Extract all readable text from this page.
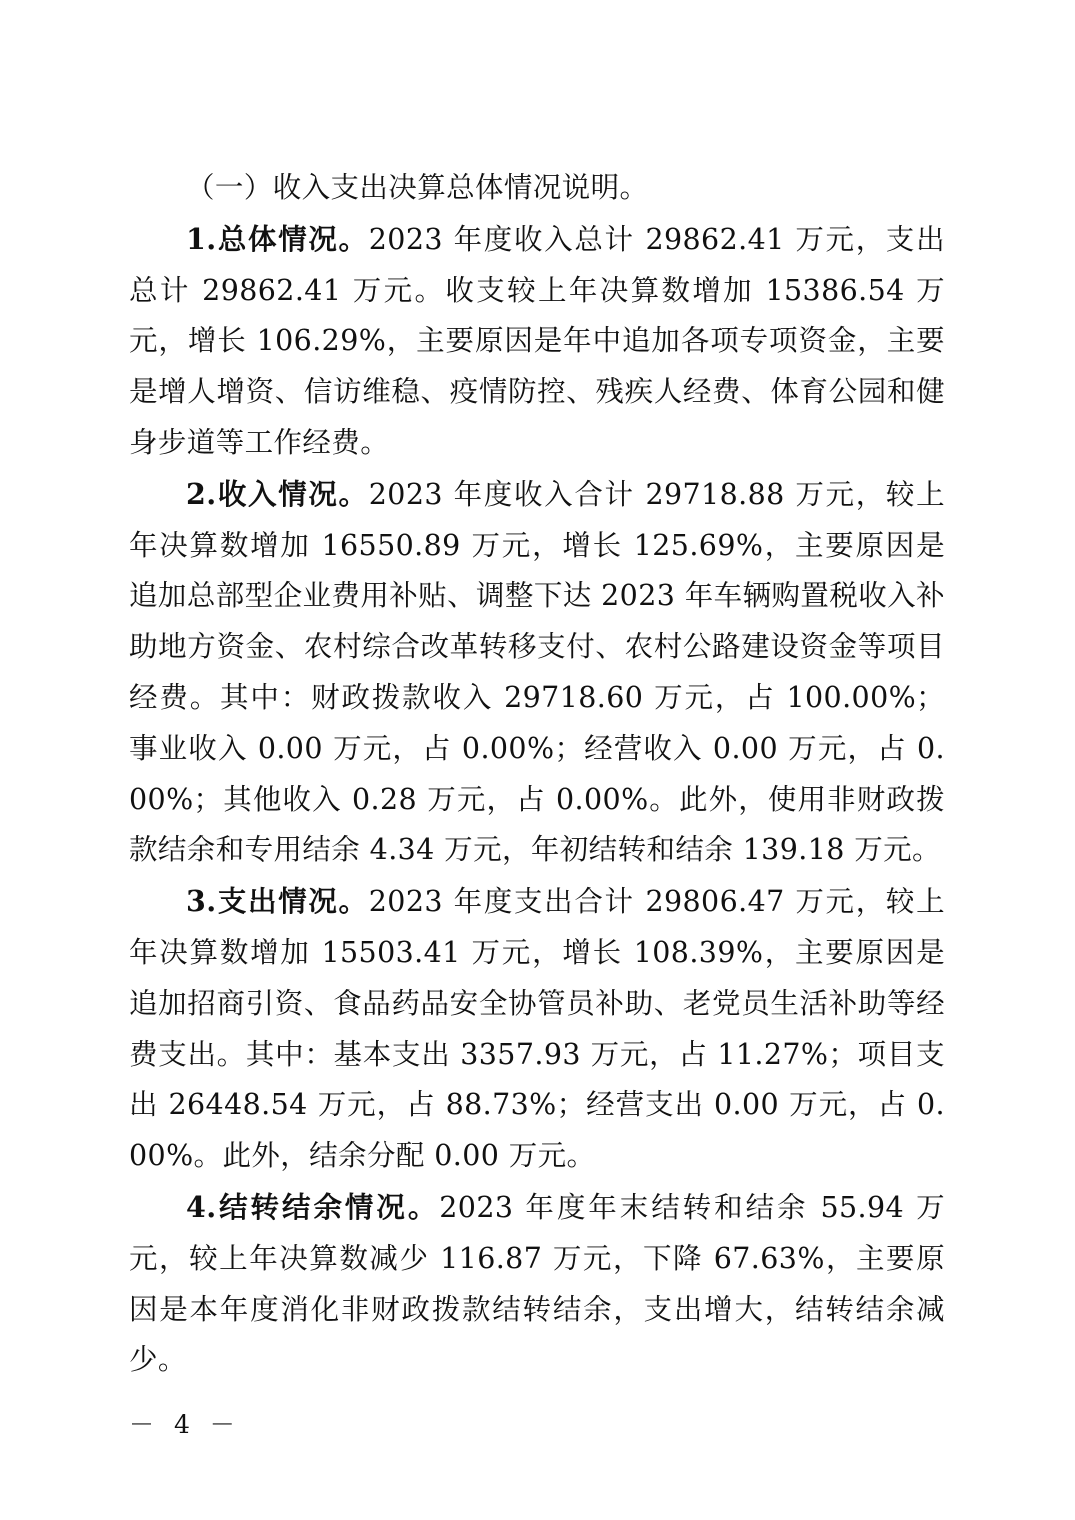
（一）收入支出决算总体情况说明。

1.总体情况。2023 年度收入总计 29862.41 万元，支出总计 29862.41 万元。收支较上年决算数增加 15386.54 万元，增长 106.29%，主要原因是年中追加各项专项资金，主要是增人增资、信访维稳、疫情防控、残疾人经费、体育公园和健身步道等工作经费。

2.收入情况。2023 年度收入合计 29718.88 万元，较上年决算数增加 16550.89 万元，增长 125.69%，主要原因是追加总部型企业费用补贴、调整下达 2023 年车辆购置税收入补助地方资金、农村综合改革转移支付、农村公路建设资金等项目经费。其中：财政拨款收入 29718.60 万元，占 100.00%；事业收入 0.00 万元，占 0.00%；经营收入 0.00 万元，占 0.00%；其他收入 0.28 万元，占 0.00%。此外，使用非财政拨款结余和专用结余 4.34 万元，年初结转和结余 139.18 万元。

3.支出情况。2023 年度支出合计 29806.47 万元，较上年决算数增加 15503.41 万元，增长 108.39%，主要原因是追加招商引资、食品药品安全协管员补助、老党员生活补助等经费支出。其中：基本支出 3357.93 万元，占 11.27%；项目支出 26448.54 万元，占 88.73%；经营支出 0.00 万元，占 0.00%。此外，结余分配 0.00 万元。

4.结转结余情况。2023 年度年末结转和结余 55.94 万元，较上年决算数减少 116.87 万元，下降 67.63%，主要原因是本年度消化非财政拨款结转结余，支出增大，结转结余减少。

－ 4 －
